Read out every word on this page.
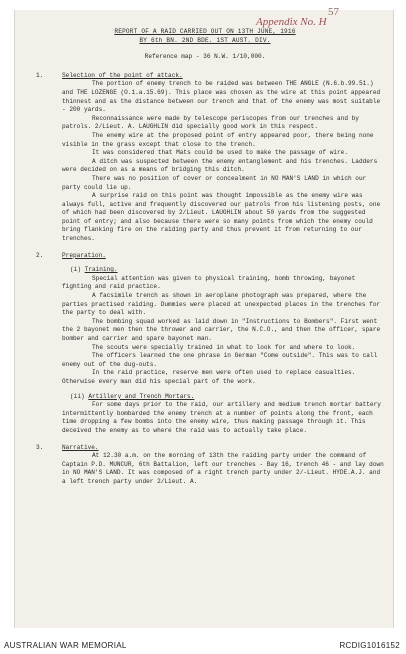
Appendix No. H
57
REPORT OF A RAID CARRIED OUT ON 13TH JUNE, 1916
BY 6th BN. 2ND BDE. 1ST AUST. DIV.
Reference map - 36 N.W. 1/10,000.
1.	Selection of the point of attack.

The portion of enemy trench to be raided was between THE ANGLE (N.6.b.99.51.) and THE LOZENGE (O.1.a.15.69). This place was chosen as the wire at this point appeared thinnest and as the distance between our trench and that of the enemy was most suitable - 200 yards.

Reconnaissance were made by telescope periscopes from our trenches and by patrols. 2/Lieut. A. LAUGHLIN did specially good work in this respect.

The enemy wire at the proposed point of entry appeared poor, there being none visible in the grass except that close to the trench.

It was considered that Mats could be used to make the passage of wire.

A ditch was suspected between the enemy entanglement and his trenches. Ladders were decided on as a means of bridging this ditch.

There was no position of cover or concealment in NO MAN'S LAND in which our party could lie up.

A surprise raid on this point was thought impossible as the enemy wire was always full, active and frequently discovered our patrols from his listening posts, one of which had been discovered by 2/Lieut. LAUGHLIN about 50 yards from the suggested point of entry; and also because there were so many points from which the enemy could bring flanking fire on the raiding party and thus prevent it from returning to our trenches.

2.	Preparation.
(i) Training.

Special attention was given to physical training, bomb throwing, bayonet fighting and raid practice.

A facsimile trench as shown in aeroplane photograph was prepared, where the parties practised raiding. Dummies were placed at unexpected places in the trenches for the party to deal with.

The bombing squad worked as laid down in "Instructions to Bombers". First went the 2 bayonet men then the thrower and carrier, the N.C.O., and then the officer, spare bomber and carrier and spare bayonet man.

The scouts were specially trained in what to look for and where to look.

The officers learned the one phrase in German "Come outside". This was to call enemy out of the dug-outs.

In the raid practice, reserve men were often used to replace casualties. Otherwise every man did his special part of the work.

(ii) Artillery and Trench Mortars.

For some days prior to the raid, our artillery and medium trench mortar battery intermittently bombarded the enemy trench at a number of points along the front, each time dropping a few bombs into the enemy wire, thus making passage through it. This deceived the enemy as to where the raid was to actually take place.

3.	Narrative.

At 12.30 a.m. on the morning of 13th the raiding party under the command of Captain P.D. MUNCUR, 6th Battalion, left our trenches - Bay 16, trench 46 - and lay down in NO MAN'S LAND. It was composed of a right trench party under 2/-Lieut. HYDE.A.J. and a left trench party under 2/Lieut. A.

AUSTRALIAN WAR MEMORIAL	RCDIG1016152
